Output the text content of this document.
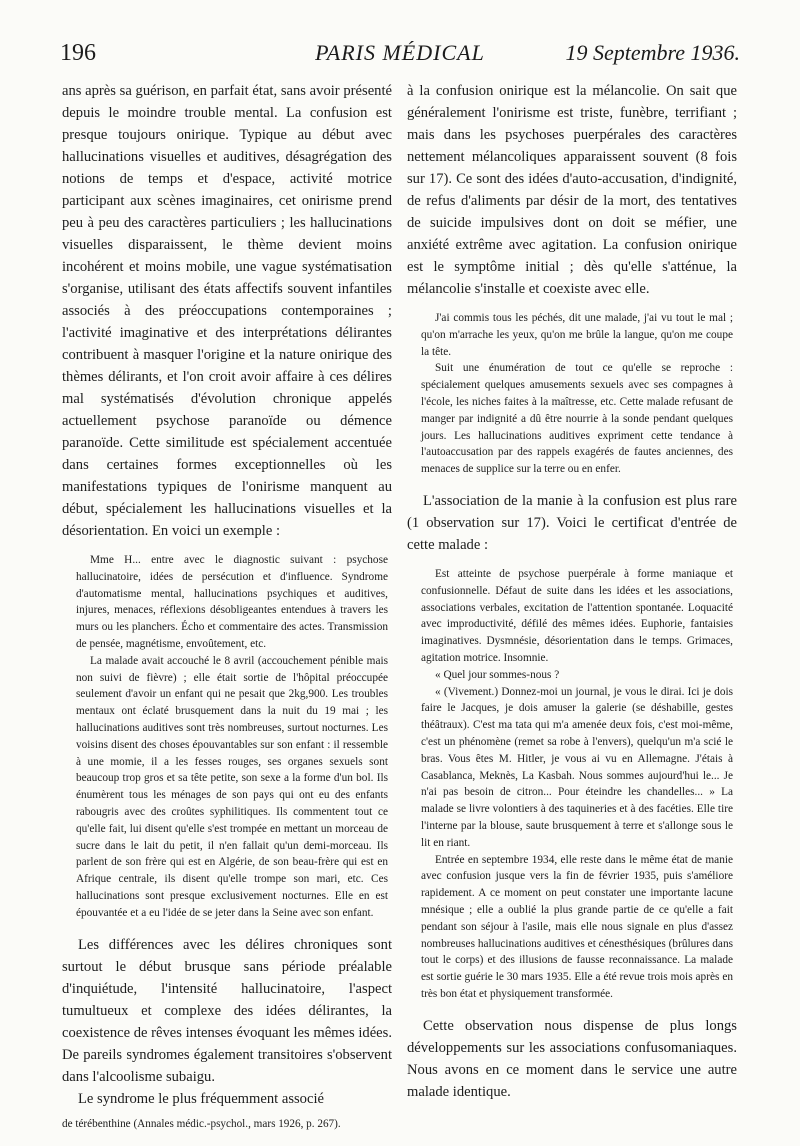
196	PARIS MÉDICAL	19 Septembre 1936.

ans après sa guérison, en parfait état, sans avoir présenté depuis le moindre trouble mental. La confusion est presque toujours onirique. Typique au début avec hallucinations visuelles et auditives, désagrégation des notions de temps et d'espace, activité motrice participant aux scènes imaginaires, cet onirisme prend peu à peu des caractères particuliers ; les hallucinations visuelles disparaissent, le thème devient moins incohérent et moins mobile, une vague systématisation s'organise, utilisant des états affectifs souvent infantiles associés à des préoccupations contemporaines ; l'activité imaginative et des interprétations délirantes contribuent à masquer l'origine et la nature onirique des thèmes délirants, et l'on croit avoir affaire à ces délires mal systématisés d'évolution chronique appelés actuellement psychose paranoïde ou démence paranoïde. Cette similitude est spécialement accentuée dans certaines formes exceptionnelles où les manifestations typiques de l'onirisme manquent au début, spécialement les hallucinations visuelles et la désorientation. En voici un exemple :

Mme H... entre avec le diagnostic suivant : psychose hallucinatoire, idées de persécution et d'influence. Syndrome d'automatisme mental, hallucinations psychiques et auditives, injures, menaces, réflexions désobligeantes entendues à travers les murs ou les planchers. Écho et commentaire des actes. Transmission de pensée, magnétisme, envoûtement, etc.

La malade avait accouché le 8 avril (accouchement pénible mais non suivi de fièvre) ; elle était sortie de l'hôpital préoccupée seulement d'avoir un enfant qui ne pesait que 2kg,900. Les troubles mentaux ont éclaté brusquement dans la nuit du 19 mai ; les hallucinations auditives sont très nombreuses, surtout nocturnes. Les voisins disent des choses épouvantables sur son enfant : il ressemble à une momie, il a les fesses rouges, ses organes sexuels sont beaucoup trop gros et sa tête petite, son sexe a la forme d'un bol. Ils énumèrent tous les ménages de son pays qui ont eu des enfants rabougris avec des croûtes syphilitiques. Ils commentent tout ce qu'elle fait, lui disent qu'elle s'est trompée en mettant un morceau de sucre dans le lait du petit, il n'en fallait qu'un demi-morceau. Ils parlent de son frère qui est en Algérie, de son beau-frère qui est en Afrique centrale, ils disent qu'elle trompe son mari, etc. Ces hallucinations sont presque exclusivement nocturnes. Elle en est épouvantée et a eu l'idée de se jeter dans la Seine avec son enfant.

Les différences avec les délires chroniques sont surtout le début brusque sans période préalable d'inquiétude, l'intensité hallucinatoire, l'aspect tumultueux et complexe des idées délirantes, la coexistence de rêves intenses évoquant les mêmes idées. De pareils syndromes également transitoires s'observent dans l'alcoolisme subaigu.

Le syndrome le plus fréquemment associé

de térébenthine (Annales médic.-psychol., mars 1926, p. 267).

à la confusion onirique est la mélancolie. On sait que généralement l'onirisme est triste, funèbre, terrifiant ; mais dans les psychoses puerpérales des caractères nettement mélancoliques apparaissent souvent (8 fois sur 17). Ce sont des idées d'auto-accusation, d'indignité, de refus d'aliments par désir de la mort, des tentatives de suicide impulsives dont on doit se méfier, une anxiété extrême avec agitation. La confusion onirique est le symptôme initial ; dès qu'elle s'atténue, la mélancolie s'installe et coexiste avec elle.

J'ai commis tous les péchés, dit une malade, j'ai vu tout le mal ; qu'on m'arrache les yeux, qu'on me brûle la langue, qu'on me coupe la tête.

Suit une énumération de tout ce qu'elle se reproche : spécialement quelques amusements sexuels avec ses compagnes à l'école, les niches faites à la maîtresse, etc. Cette malade refusant de manger par indignité a dû être nourrie à la sonde pendant quelques jours. Les hallucinations auditives expriment cette tendance à l'autoaccusation par des rappels exagérés de fautes anciennes, des menaces de supplice sur la terre ou en enfer.

L'association de la manie à la confusion est plus rare (1 observation sur 17). Voici le certificat d'entrée de cette malade :

Est atteinte de psychose puerpérale à forme maniaque et confusionnelle. Défaut de suite dans les idées et les associations, associations verbales, excitation de l'attention spontanée. Loquacité avec improductivité, défilé des mêmes idées. Euphorie, fantaisies imaginatives. Dysmnésie, désorientation dans le temps. Grimaces, agitation motrice. Insomnie.

« Quel jour sommes-nous ?

« (Vivement.) Donnez-moi un journal, je vous le dirai. Ici je dois faire le Jacques, je dois amuser la galerie (se déshabille, gestes théâtraux). C'est ma tata qui m'a amenée deux fois, c'est moi-même, c'est un phénomène (remet sa robe à l'envers), quelqu'un m'a scié le bras. Vous êtes M. Hitler, je vous ai vu en Allemagne. J'étais à Casablanca, Meknès, La Kasbah. Nous sommes aujourd'hui le... Je n'ai pas besoin de citron... Pour éteindre les chandelles... » La malade se livre volontiers à des taquineries et à des facéties. Elle tire l'interne par la blouse, saute brusquement à terre et s'allonge sous le lit en riant.

Entrée en septembre 1934, elle reste dans le même état de manie avec confusion jusque vers la fin de février 1935, puis s'améliore rapidement. A ce moment on peut constater une importante lacune mnésique ; elle a oublié la plus grande partie de ce qu'elle a fait pendant son séjour à l'asile, mais elle nous signale en plus d'assez nombreuses hallucinations auditives et cénesthésiques (brûlures dans tout le corps) et des illusions de fausse reconnaissance. La malade est sortie guérie le 30 mars 1935. Elle a été revue trois mois après en très bon état et physiquement transformée.

Cette observation nous dispense de plus longs développements sur les associations confusomaniaques. Nous avons en ce moment dans le service une autre malade identique.
